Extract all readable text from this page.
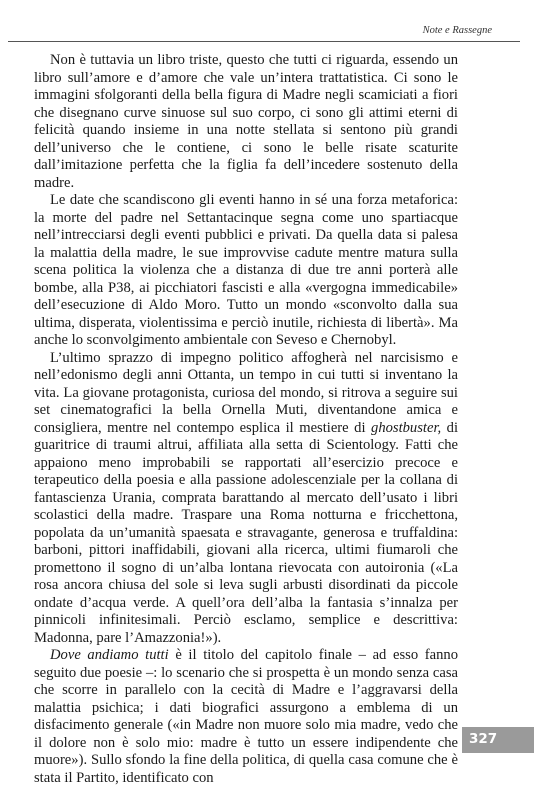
Note e Rassegne

Non è tuttavia un libro triste, questo che tutti ci riguarda, essendo un libro sull’amore e d’amore che vale un’intera trattatistica. Ci sono le immagini sfolgoranti della bella figura di Madre negli scamiciati a fiori che disegnano curve sinuose sul suo corpo, ci sono gli attimi eterni di felicità quando insieme in una notte stellata si sentono più grandi dell’universo che le contiene, ci sono le belle risate scaturite dall’imitazione perfetta che la figlia fa dell’incedere sostenuto della madre.

Le date che scandiscono gli eventi hanno in sé una forza metaforica: la morte del padre nel Settantacinque segna come uno spartiacque nell’intrecciarsi degli eventi pubblici e privati. Da quella data si palesa la malattia della madre, le sue improvvise cadute mentre matura sulla scena politica la violenza che a distanza di due tre anni porterà alle bombe, alla P38, ai picchiatori fascisti e alla «vergogna immedicabile» dell’esecuzione di Aldo Moro. Tutto un mondo «sconvolto dalla sua ultima, disperata, violentissima e perciò inutile, richiesta di libertà». Ma anche lo sconvolgimento ambientale con Seveso e Chernobyl.

L’ultimo sprazzo di impegno politico affogherà nel narcisismo e nell’edonismo degli anni Ottanta, un tempo in cui tutti si inventano la vita. La giovane protagonista, curiosa del mondo, si ritrova a seguire sui set cinematografici la bella Ornella Muti, diventandone amica e consigliera, mentre nel contempo esplica il mestiere di ghostbuster, di guaritrice di traumi altrui, affiliata alla setta di Scientology. Fatti che appaiono meno improbabili se rapportati all’esercizio precoce e terapeutico della poesia e alla passione adolescenziale per la collana di fantascienza Urania, comprata barattando al mercato dell’usato i libri scolastici della madre. Traspare una Roma notturna e fricchettona, popolata da un’umanità spaesata e stravagante, generosa e truffaldina: barboni, pittori inaffidabili, giovani alla ricerca, ultimi fiumaroli che promettono il sogno di un’alba lontana rievocata con autoironia («La rosa ancora chiusa del sole si leva sugli arbusti disordinati da piccole ondate d’acqua verde. A quell’ora dell’alba la fantasia s’innalza per pinnicoli infinitesimali. Perciò esclamo, semplice e descrittiva: Madonna, pare l’Amazzonia!»).

Dove andiamo tutti è il titolo del capitolo finale – ad esso fanno seguito due poesie –: lo scenario che si prospetta è un mondo senza casa che scorre in parallelo con la cecità di Madre e l’aggravarsi della malattia psichica; i dati biografici assurgono a emblema di un disfacimento generale («in Madre non muore solo mia madre, vedo che il dolore non è solo mio: madre è tutto un essere indipendente che muore»). Sullo sfondo la fine della politica, di quella casa comune che è stata il Partito, identificato con

327
